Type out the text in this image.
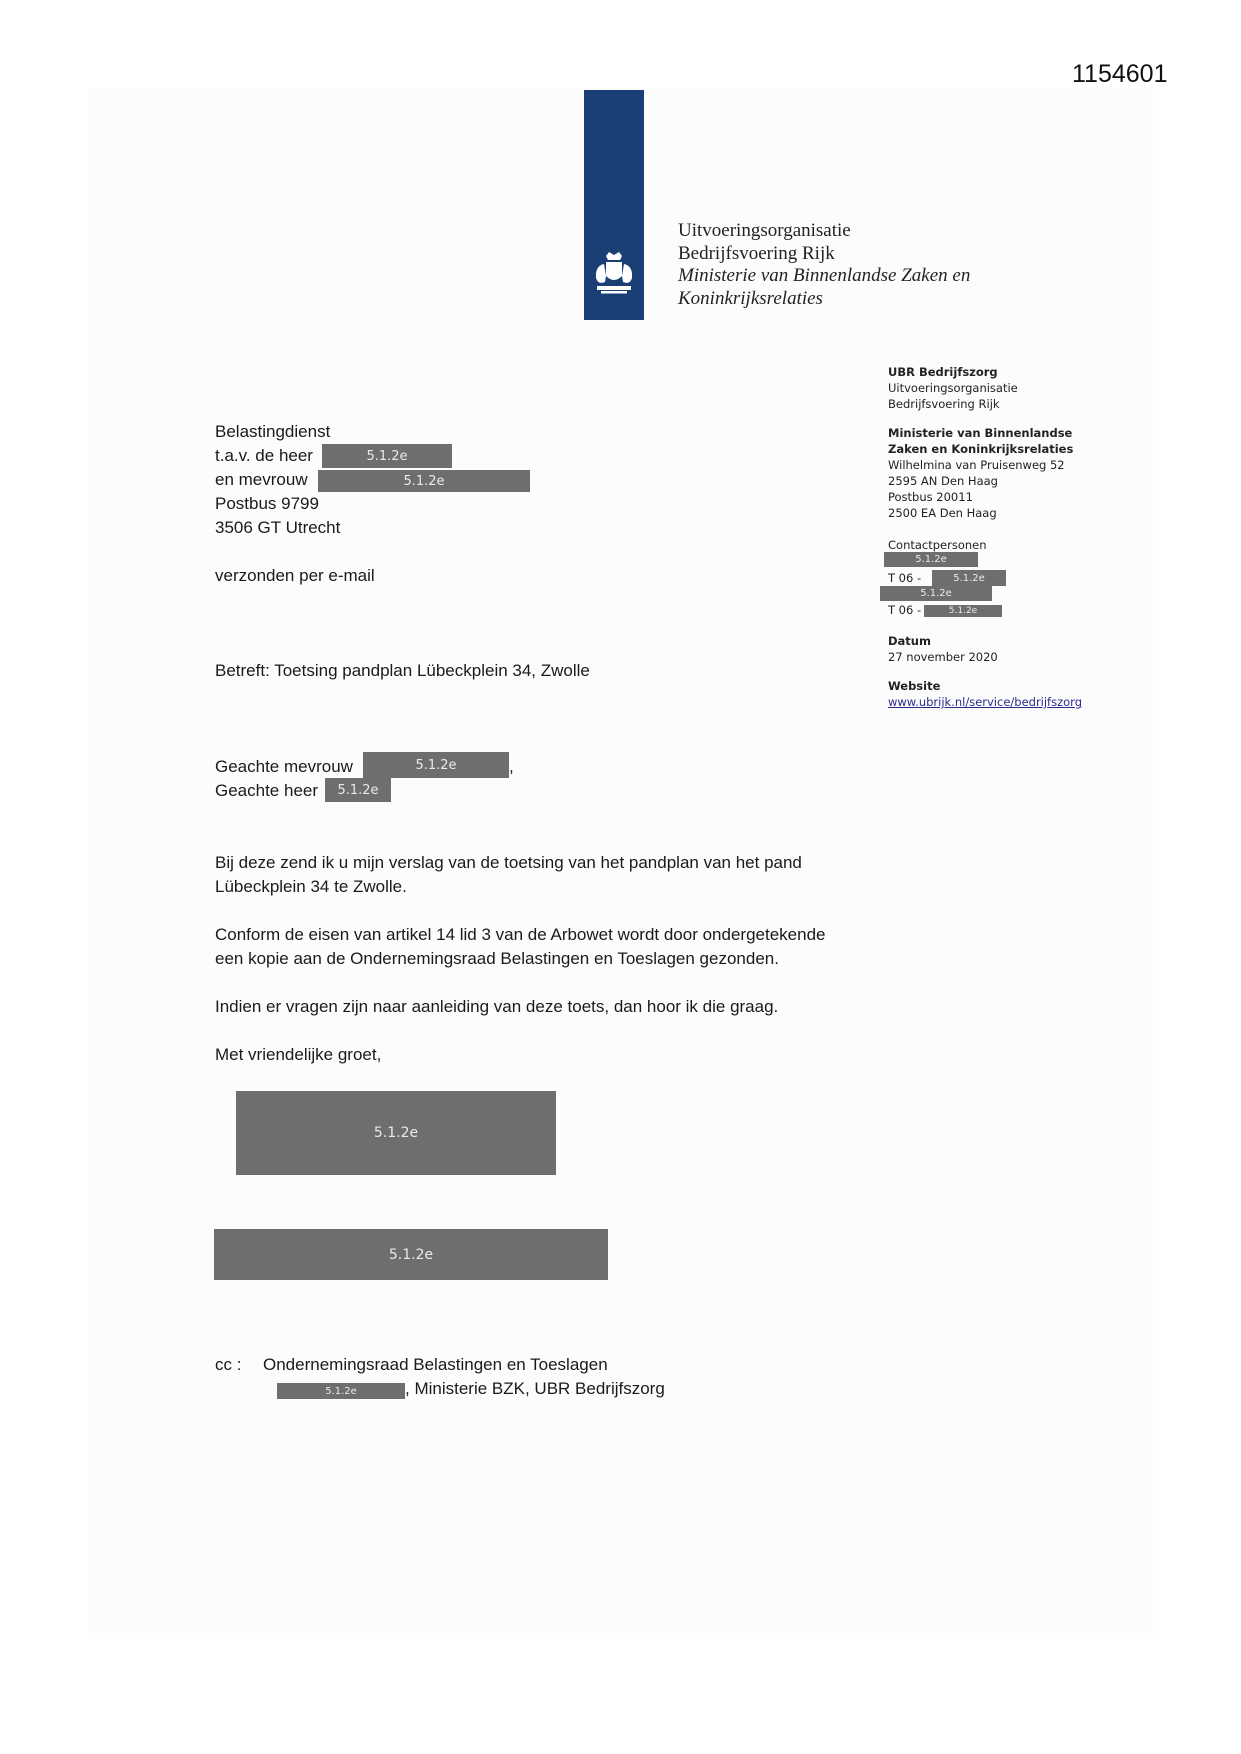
1154601
Uitvoeringsorganisatie
Bedrijfsvoering Rijk
Ministerie van Binnenlandse Zaken en
Koninkrijksrelaties
UBR Bedrijfszorg
Uitvoeringsorganisatie
Bedrijfsvoering Rijk
Ministerie van Binnenlandse
Zaken en Koninkrijksrelaties
Wilhelmina van Pruisenweg 52
2595 AN Den Haag
Postbus 20011
2500 EA Den Haag
Contactpersonen
5.1.2e
T 06 -	5.1.2e
5.1.2e
T 06 -	5.1.2e
Datum
27 november 2020
Website
www.ubrijk.nl/service/bedrijfszorg
Belastingdienst
t.a.v. de heer	5.1.2e
en mevrouw	5.1.2e
Postbus 9799
3506 GT Utrecht
verzonden per e-mail
Betreft: Toetsing pandplan Lübeckplein 34, Zwolle
Geachte mevrouw	5.1.2e	,
Geachte heer	5.1.2e
Bij deze zend ik u mijn verslag van de toetsing van het pandplan van het pand
Lübeckplein 34 te Zwolle.
Conform de eisen van artikel 14 lid 3 van de Arbowet wordt door ondergetekende
een kopie aan de Ondernemingsraad Belastingen en Toeslagen gezonden.
Indien er vragen zijn naar aanleiding van deze toets, dan hoor ik die graag.
Met vriendelijke groet,
5.1.2e
5.1.2e
cc : Ondernemingsraad Belastingen en Toeslagen
5.1.2e	, Ministerie BZK, UBR Bedrijfszorg
